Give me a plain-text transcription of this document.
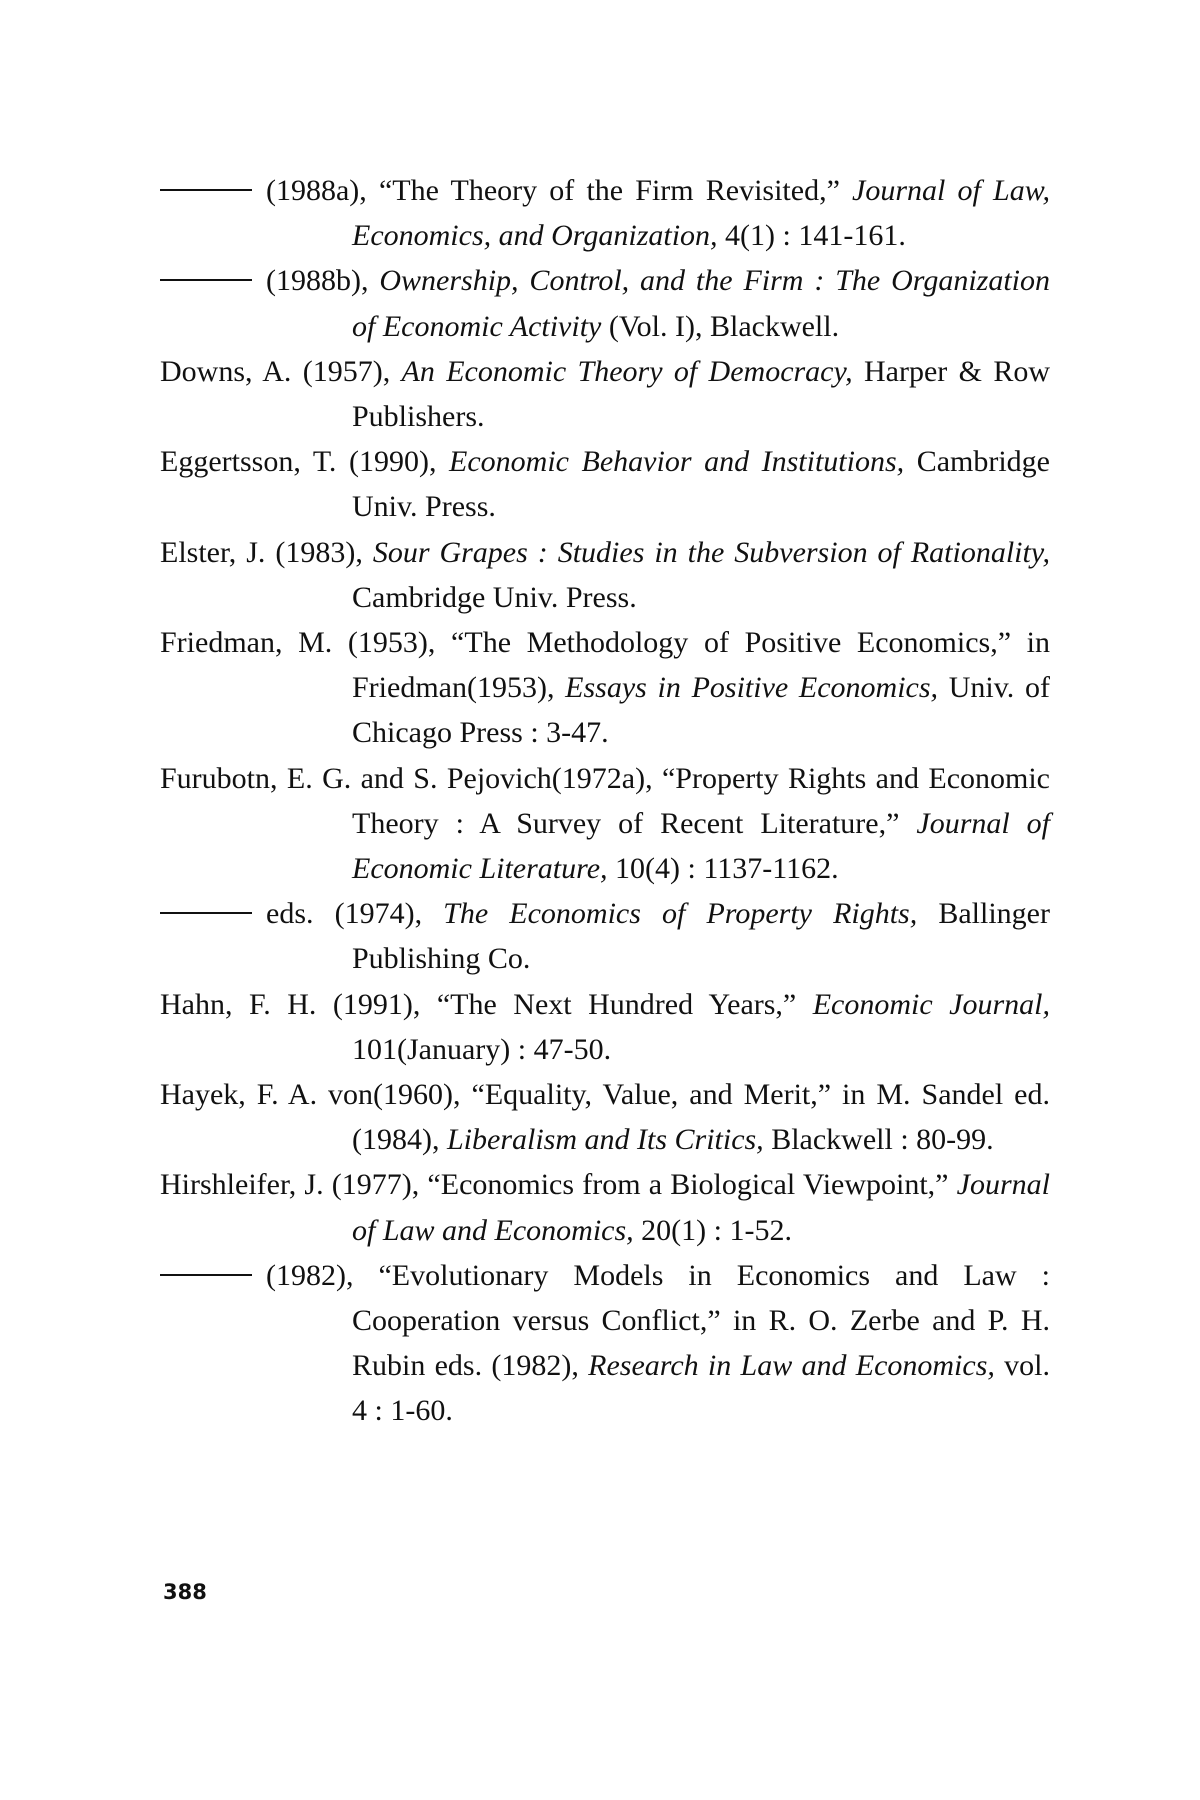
(1988a), “The Theory of the Firm Revisited,” Journal of Law, Economics, and Organization, 4(1) : 141-161.
(1988b), Ownership, Control, and the Firm : The Organization of Economic Activity (Vol. I), Blackwell.
Downs, A. (1957), An Economic Theory of Democracy, Harper & Row Publishers.
Eggertsson, T. (1990), Economic Behavior and Institutions, Cambridge Univ. Press.
Elster, J. (1983), Sour Grapes : Studies in the Subversion of Rationality, Cambridge Univ. Press.
Friedman, M. (1953), “The Methodology of Positive Economics,” in Friedman(1953), Essays in Positive Economics, Univ. of Chicago Press : 3-47.
Furubotn, E. G. and S. Pejovich(1972a), “Property Rights and Economic Theory : A Survey of Recent Literature,” Journal of Economic Literature, 10(4) : 1137-1162.
eds. (1974), The Economics of Property Rights, Ballinger Publishing Co.
Hahn, F. H. (1991), “The Next Hundred Years,” Economic Journal, 101(January) : 47-50.
Hayek, F. A. von(1960), “Equality, Value, and Merit,” in M. Sandel ed. (1984), Liberalism and Its Critics, Blackwell : 80-99.
Hirshleifer, J. (1977), “Economics from a Biological Viewpoint,” Journal of Law and Economics, 20(1) : 1-52.
(1982), “Evolutionary Models in Economics and Law : Cooperation versus Conflict,” in R. O. Zerbe and P. H. Rubin eds. (1982), Research in Law and Economics, vol. 4 : 1-60.
388
